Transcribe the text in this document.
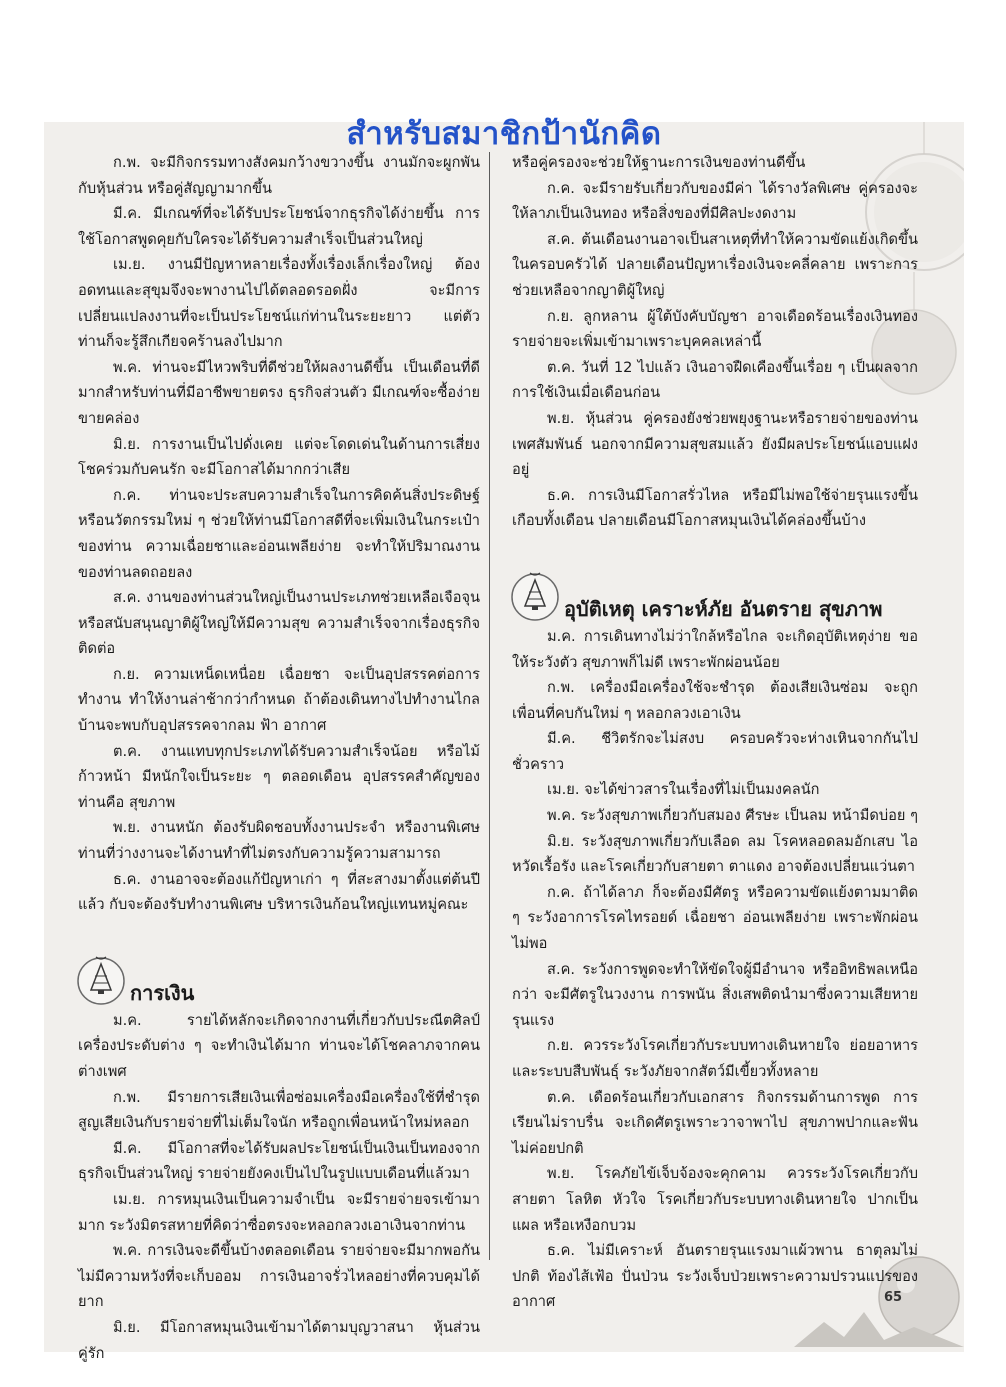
สำหรับสมาชิกป้านักคิด

ก.พ. จะมีกิจกรรมทางสังคมกว้างขวางขึ้น งานมักจะผูกพันกับหุ้นส่วน หรือคู่สัญญามากขึ้น

มี.ค. มีเกณฑ์ที่จะได้รับประโยชน์จากธุรกิจได้ง่ายขึ้น การใช้โอกาสพูดคุยกับใครจะได้รับความสำเร็จเป็นส่วนใหญ่

เม.ย. งานมีปัญหาหลายเรื่องทั้งเรื่องเล็กเรื่องใหญ่ ต้องอดทนและสุขุมจึงจะพางานไปได้ตลอดรอดฝั่ง จะมีการเปลี่ยนแปลงงานที่จะเป็นประโยชน์แก่ท่านในระยะยาว แต่ตัวท่านก็จะรู้สึกเกียจคร้านลงไปมาก

พ.ค. ท่านจะมีไหวพริบที่ดีช่วยให้ผลงานดีขึ้น เป็นเดือนที่ดีมากสำหรับท่านที่มีอาชีพขายตรง ธุรกิจส่วนตัว มีเกณฑ์จะซื้อง่ายขายคล่อง

มิ.ย. การงานเป็นไปดั่งเคย แต่จะโดดเด่นในด้านการเสี่ยงโชคร่วมกับคนรัก จะมีโอกาสได้มากกว่าเสีย

ก.ค. ท่านจะประสบความสำเร็จในการคิดค้นสิ่งประดิษฐ์ หรือนวัตกรรมใหม่ ๆ ช่วยให้ท่านมีโอกาสดีที่จะเพิ่มเงินในกระเป๋าของท่าน ความเฉื่อยชาและอ่อนเพลียง่าย จะทำให้ปริมาณงานของท่านลดถอยลง

ส.ค. งานของท่านส่วนใหญ่เป็นงานประเภทช่วยเหลือเจือจุนหรือสนับสนุนญาติผู้ใหญ่ให้มีความสุข ความสำเร็จจากเรื่องธุรกิจติดต่อ

ก.ย. ความเหน็ดเหนื่อย เฉื่อยชา จะเป็นอุปสรรคต่อการทำงาน ทำให้งานล่าช้ากว่ากำหนด ถ้าต้องเดินทางไปทำงานไกลบ้านจะพบกับอุปสรรคจากลม ฟ้า อากาศ

ต.ค. งานแทบทุกประเภทได้รับความสำเร็จน้อย หรือไม้ก้าวหน้า มีหนักใจเป็นระยะ ๆ ตลอดเดือน อุปสรรคสำคัญของท่านคือ สุขภาพ

พ.ย. งานหนัก ต้องรับผิดชอบทั้งงานประจำ หรืองานพิเศษ ท่านที่ว่างงานจะได้งานทำที่ไม่ตรงกับความรู้ความสามารถ

ธ.ค. งานอาจจะต้องแก้ปัญหาเก่า ๆ ที่สะสางมาตั้งแต่ต้นปีแล้ว กับจะต้องรับทำงานพิเศษ บริหารเงินก้อนใหญ่แทนหมู่คณะ

การเงิน

ม.ค.	รายได้หลักจะเกิดจากงานที่เกี่ยวกับประณีตศิลป์ เครื่องประดับต่าง ๆ จะทำเงินได้มาก ท่านจะได้โชคลาภจากคนต่างเพศ

ก.พ. มีรายการเสียเงินเพื่อซ่อมเครื่องมือเครื่องใช้ที่ชำรุด สูญเสียเงินกับรายจ่ายที่ไม่เต็มใจนัก หรือถูกเพื่อนหน้าใหม่หลอก

มี.ค. มีโอกาสที่จะได้รับผลประโยชน์เป็นเงินเป็นทองจากธุรกิจเป็นส่วนใหญ่ รายจ่ายยังคงเป็นไปในรูปแบบเดือนที่แล้วมา

เม.ย. การหมุนเงินเป็นความจำเป็น จะมีรายจ่ายจรเข้ามามาก ระวังมิตรสหายที่คิดว่าซื่อตรงจะหลอกลวงเอาเงินจากท่าน

พ.ค. การเงินจะดีขึ้นบ้างตลอดเดือน รายจ่ายจะมีมากพอกัน ไม่มีความหวังที่จะเก็บออม การเงินอาจรั่วไหลอย่างที่ควบคุมได้ยาก

มิ.ย. มีโอกาสหมุนเงินเข้ามาได้ตามบุญวาสนา หุ้นส่วน คู่รัก

หรือคู่ครองจะช่วยให้ฐานะการเงินของท่านดีขึ้น

ก.ค. จะมีรายรับเกี่ยวกับของมีค่า ได้รางวัลพิเศษ คู่ครองจะให้ลาภเป็นเงินทอง หรือสิ่งของที่มีศิลปะงดงาม

ส.ค. ต้นเดือนงานอาจเป็นสาเหตุที่ทำให้ความขัดแย้งเกิดขึ้นในครอบครัวได้ ปลายเดือนปัญหาเรื่องเงินจะคลี่คลาย เพราะการช่วยเหลือจากญาติผู้ใหญ่

ก.ย. ลูกหลาน ผู้ใต้บังคับบัญชา อาจเดือดร้อนเรื่องเงินทอง รายจ่ายจะเพิ่มเข้ามาเพราะบุคคลเหล่านี้

ต.ค. วันที่ 12 ไปแล้ว เงินอาจฝืดเคืองขึ้นเรื่อย ๆ เป็นผลจากการใช้เงินเมื่อเดือนก่อน

พ.ย. หุ้นส่วน คู่ครองยังช่วยพยุงฐานะหรือรายจ่ายของท่าน เพศสัมพันธ์ นอกจากมีความสุขสมแล้ว ยังมีผลประโยชน์แอบแฝงอยู่

ธ.ค. การเงินมีโอกาสรั่วไหล หรือมีไม่พอใช้จ่ายรุนแรงขึ้นเกือบทั้งเดือน ปลายเดือนมีโอกาสหมุนเงินได้คล่องขึ้นบ้าง

อุบัติเหตุ เคราะห์ภัย อันตราย สุขภาพ

ม.ค. การเดินทางไม่ว่าใกล้หรือไกล จะเกิดอุบัติเหตุง่าย ขอให้ระวังตัว สุขภาพก็ไม่ดี เพราะพักผ่อนน้อย

ก.พ. เครื่องมือเครื่องใช้จะชำรุด ต้องเสียเงินซ่อม จะถูกเพื่อนที่คบกันใหม่ ๆ หลอกลวงเอาเงิน

มี.ค. ชีวิตรักจะไม่สงบ ครอบครัวจะห่างเหินจากกันไปชั่วคราว

เม.ย. จะได้ข่าวสารในเรื่องที่ไม่เป็นมงคลนัก

พ.ค. ระวังสุขภาพเกี่ยวกับสมอง ศีรษะ เป็นลม หน้ามืดบ่อย ๆ

มิ.ย. ระวังสุขภาพเกี่ยวกับเลือด ลม โรคหลอดลมอักเสบ ไอ หวัดเรื้อรัง และโรคเกี่ยวกับสายตา ตาแดง อาจต้องเปลี่ยนแว่นตา

ก.ค. ถ้าได้ลาภ ก็จะต้องมีศัตรู หรือความขัดแย้งตามมาติด ๆ ระวังอาการโรคไทรอยด์ เฉื่อยชา อ่อนเพลียง่าย เพราะพักผ่อนไม่พอ

ส.ค. ระวังการพูดจะทำให้ขัดใจผู้มีอำนาจ หรืออิทธิพลเหนือกว่า จะมีศัตรูในวงงาน การพนัน สิ่งเสพติดนำมาซึ่งความเสียหายรุนแรง

ก.ย. ควรระวังโรคเกี่ยวกับระบบทางเดินหายใจ ย่อยอาหาร และระบบสืบพันธุ์ ระวังภัยจากสัตว์มีเขี้ยวทั้งหลาย

ต.ค. เดือดร้อนเกี่ยวกับเอกสาร กิจกรรมด้านการพูด การเรียนไม่ราบรื่น จะเกิดศัตรูเพราะวาจาพาไป สุขภาพปากและฟันไม่ค่อยปกติ

พ.ย. โรคภัยไข้เจ็บจ้องจะคุกคาม ควรระวังโรคเกี่ยวกับสายตา โลหิต หัวใจ โรคเกี่ยวกับระบบทางเดินหายใจ ปากเป็นแผล หรือเหงือกบวม

ธ.ค. ไม่มีเคราะห์ อันตรายรุนแรงมาแผ้วพาน ธาตุลมไม่ปกติ ท้องไส้เฟ้อ ปั่นป่วน ระวังเจ็บป่วยเพราะความปรวนแปรของอากาศ	65
